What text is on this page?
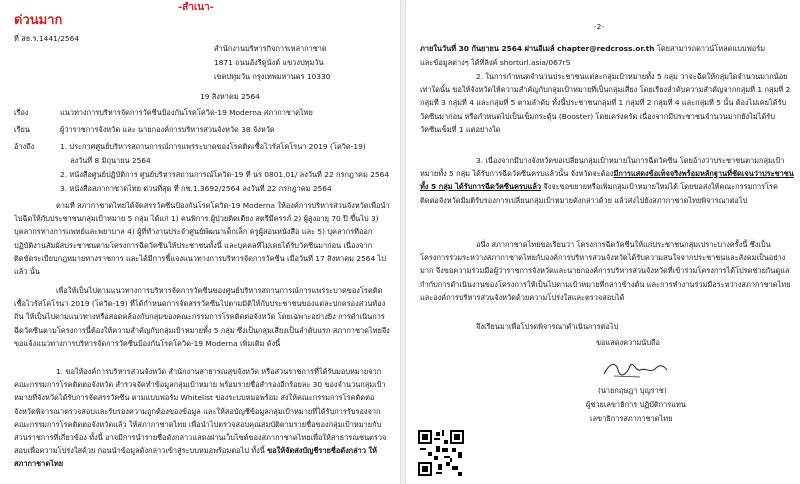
-สำเนา-
ด่วนมาก
ที่ สธ.ร.1441/2564
สำนักงานบริหารกิจการเหล่ากาชาด
1871 ถนนอังรีดูนังต์ แขวงปทุมวัน
เขตปทุมวัน กรุงเทพมหานคร 10330
19 สิงหาคม 2564
เรื่อง	แนวทางการบริหารจัดการวัคซีนป้องกันโรคโควิด-19 Moderna สภากาชาดไทย
เรียน	ผู้ว่าราชการจังหวัด และ นายกองค์การบริหารส่วนจังหวัด 38 จังหวัด
อ้างถึง	1. ประกาศศูนย์บริหารสถานการณ์การแพร่ระบาดของโรคติดเชื้อไวรัสโคโรนา 2019 (โควิด-19)
ลงวันที่ 8 มิถุนายน 2564
2. หนังสือศูนย์ปฏิบัติการ ศูนย์บริหารสถานการณ์โควิด-19 ที่ นร 0801.01/ ลงวันที่ 22 กรกฎาคม 2564
3. หนังสือสภากาชาดไทย ด่วนที่สุด ที่ กช.1.3692/2564 ลงวันที่ 22 กรกฎาคม 2564
ตามที่ สภากาชาดไทยได้จัดสรรวัคซีนป้องกันโรคโควิด-19 Moderna ให้องค์การบริหารส่วนจังหวัดเพื่อนำไปฉีดให้กับประชาชนกลุ่มเป้าหมาย 5 กลุ่ม ได้แก่ 1) คนพิการ ผู้ป่วยติดเตียง สตรีมีครรภ์ 2) ผู้สูงอายุ 70 ปี ขึ้นไป 3) บุคลากรทางการแพทย์และพยาบาล 4) ผู้ที่ทำงานประจำศูนย์พัฒนาเด็กเล็ก ครูผู้สอนหนังสือ และ 5) บุคลากรที่ออกปฏิบัติงานสัมผัสประชาชนตามโครงการฉีดวัคซีนให้ประชาชนทั้งนี้ และบุคคลที่ไม่เคยได้รับวัคซีนมาก่อน เนื่องจากติดขัดระเบียบกฎหมายทางราชการ และได้มีการชี้แจงแนวทางการบริหารจัดการวัคซีน เมื่อวันที่ 17 สิงหาคม 2564 ไปแล้ว นั้น
เพื่อให้เป็นไปตามแนวทางการบริหารจัดการวัคซีนของศูนย์บริหารสถานการณ์การแพร่ระบาดของโรคติดเชื้อไวรัสโคโรนา 2019 (โควิด-19) ที่ได้กำหนดการจัดสรรวัคซีนไปตามมิติให้กับประชาชนของแต่ละปกครองส่วนท้องถิ่น ให้เป็นไปตามแนวทางหรือสอดคล้องกับกลุ่มของคณะกรรมการโรคติดต่อจังหวัด โดยเฉพาะอย่างยิ่ง การดำเนินการฉีดวัคซีนตามโครงการนี้ต้องให้ความสำคัญกับกลุ่มเป้าหมายทั้ง 5 กลุ่ม ซึ่งเป็นกลุ่มเสี่ยงเป็นลำดับแรก สภากาชาดไทยจึงขอแจ้งแนวทางการบริหารจัดการวัคซีนป้องกันโรคโควิด-19 Moderna เพิ่มเติม ดังนี้
1. ขอให้องค์การบริหารส่วนจังหวัด สำนักงานสาธารณสุขจังหวัด หรือส่วนราชการที่ได้รับมอบหมายจากคณะกรรมการโรคติดต่อจังหวัด สำรวจจัดทำข้อมูลกลุ่มเป้าหมาย พร้อมรายชื่อสำรองอีกร้อยละ 30 ของจำนวนกลุ่มเป้าหมายที่จังหวัดได้รับการจัดสรรวัคซีน ตามแบบฟอร์ม Whitelist ของระบบหมอพร้อม ส่งให้คณะกรรมการโรคติดต่อจังหวัดพิจารณาตรวจสอบและรับรองความถูกต้องของข้อมูล และให้สอบัญชีข้อมูลกลุ่มเป้าหมายที่ได้รับการรับรองจากคณะกรรมการโรคติดต่อจังหวัดแล้ว ให้สภากาชาดไทย เพื่อนำไปตรวจสอบคุณสมบัติตามรายชื่อของกลุ่มเป้าหมายกับส่วนราชการที่เกี่ยวข้อง ทั้งนี้ อาจมีการนำรายชื่อดังกล่าวแสดงผ่านเว็บไซต์ของสภากาชาดไทยเพื่อให้สาธารณชนตรวจสอบเพื่อความโปร่งใสด้วย ก่อนนำข้อมูลดังกล่าวเข้าสู่ระบบหมอพร้อมต่อไป ทั้งนี้ ขอให้จัดส่งบัญชีรายชื่อดังกล่าว ให้สภากาชาดไทย
-2-
ภายในวันที่ 30 กันยายน 2564 ผ่านอีเมล์ chapter@redcross.or.th โดยสามารถดาวน์โหลดแบบฟอร์ม
และข้อมูลต่างๆ ได้ที่ลิงค์ shorturl.asia/067rS
2. ในการกำหนดจำนวนประชาชนแต่ละกลุ่มเป้าหมายทั้ง 5 กลุ่ม ว่าจะฉีดให้กลุ่มใดจำนวนมากน้อยเท่าใดนั้น ขอให้จังหวัดให้ความสำคัญกับกลุ่มเป้าหมายที่เป็นกลุ่มเสี่ยง โดยเรียงลำดับความสำคัญจากกลุ่มที่ 1 กลุ่มที่ 2 กลุ่มที่ 3 กลุ่มที่ 4 และกลุ่มที่ 5 ตามลำดับ ทั้งนี้ประชาชนกลุ่มที่ 1 กลุ่มที่ 2 กลุ่มที่ 4 และกลุ่มที่ 5 นั้น ต้องไม่เคยได้รับวัคซีนมาก่อน หรือกำหนดไปเป็นเข็มกระตุ้น (Booster) โดยเคร่งครัด เนื่องจากมีประชาชนจำนวนมากยังไม่ได้รับวัคซีนเข็มที่ 1 แต่อย่างใด
3. เนื่องจากมีบางจังหวัดขอเปลี่ยนกลุ่มเป้าหมายในการฉีดวัคซีน โดยอ้างว่าประชาชนตามกลุ่มเป้าหมายทั้ง 5 กลุ่ม ได้รับการฉีดวัคซีนครบแล้วนั้น จังหวัดจะต้องมีการแสดงข้อเท็จจริงพร้อมหลักฐานที่ชัดเจนว่าประชาชนทั้ง 5 กลุ่ม ได้รับการฉีดวัคซีนครบแล้ว จึงจะขอขยายหรือเพิ่มกลุ่มเป้าหมายใหม่ได้ โดยขอส่งให้คณะกรรมการโรคติดต่อจังหวัดมีมติรับรองการเปลี่ยนกลุ่มเป้าหมายดังกล่าวด้วย แล้วส่งไปยังสภากาชาดไทยพิจารณาต่อไป
อนึ่ง สภากาชาดไทยขอเรียนว่า โครงการฉีดวัคซีนให้แก่ประชาชนกลุ่มเปราะบางครั้งนี้ ซึ่งเป็นโครงการร่วมระหว่างสภากาชาดไทยกับองค์การบริหารส่วนจังหวัดได้รับความสนใจจากประชาชนและสังคมเป็นอย่างมาก จึงขอความร่วมมือผู้ว่าราชการจังหวัดและนายกองค์การบริหารส่วนจังหวัดที่เข้าร่วมโครงการได้โปรดช่วยกันดูแลกำกับการดำเนินงานของโครงการให้เป็นไปตามเป้าหมายที่กล่าวข้างต้น และการทำงานร่วมมือระหว่างสภากาชาดไทยและองค์การบริหารส่วนจังหวัดด้วยความโปร่งใสและตรวจสอบได้
จึงเรียนมาเพื่อโปรดพิจารณาดำเนินการต่อไป
ขอแสดงความนับถือ
(นายกฤษฎา บุญราช)
ผู้ช่วยเลขาธิการ ปฏิบัติการแทน
เลขาธิการสภากาชาดไทย
